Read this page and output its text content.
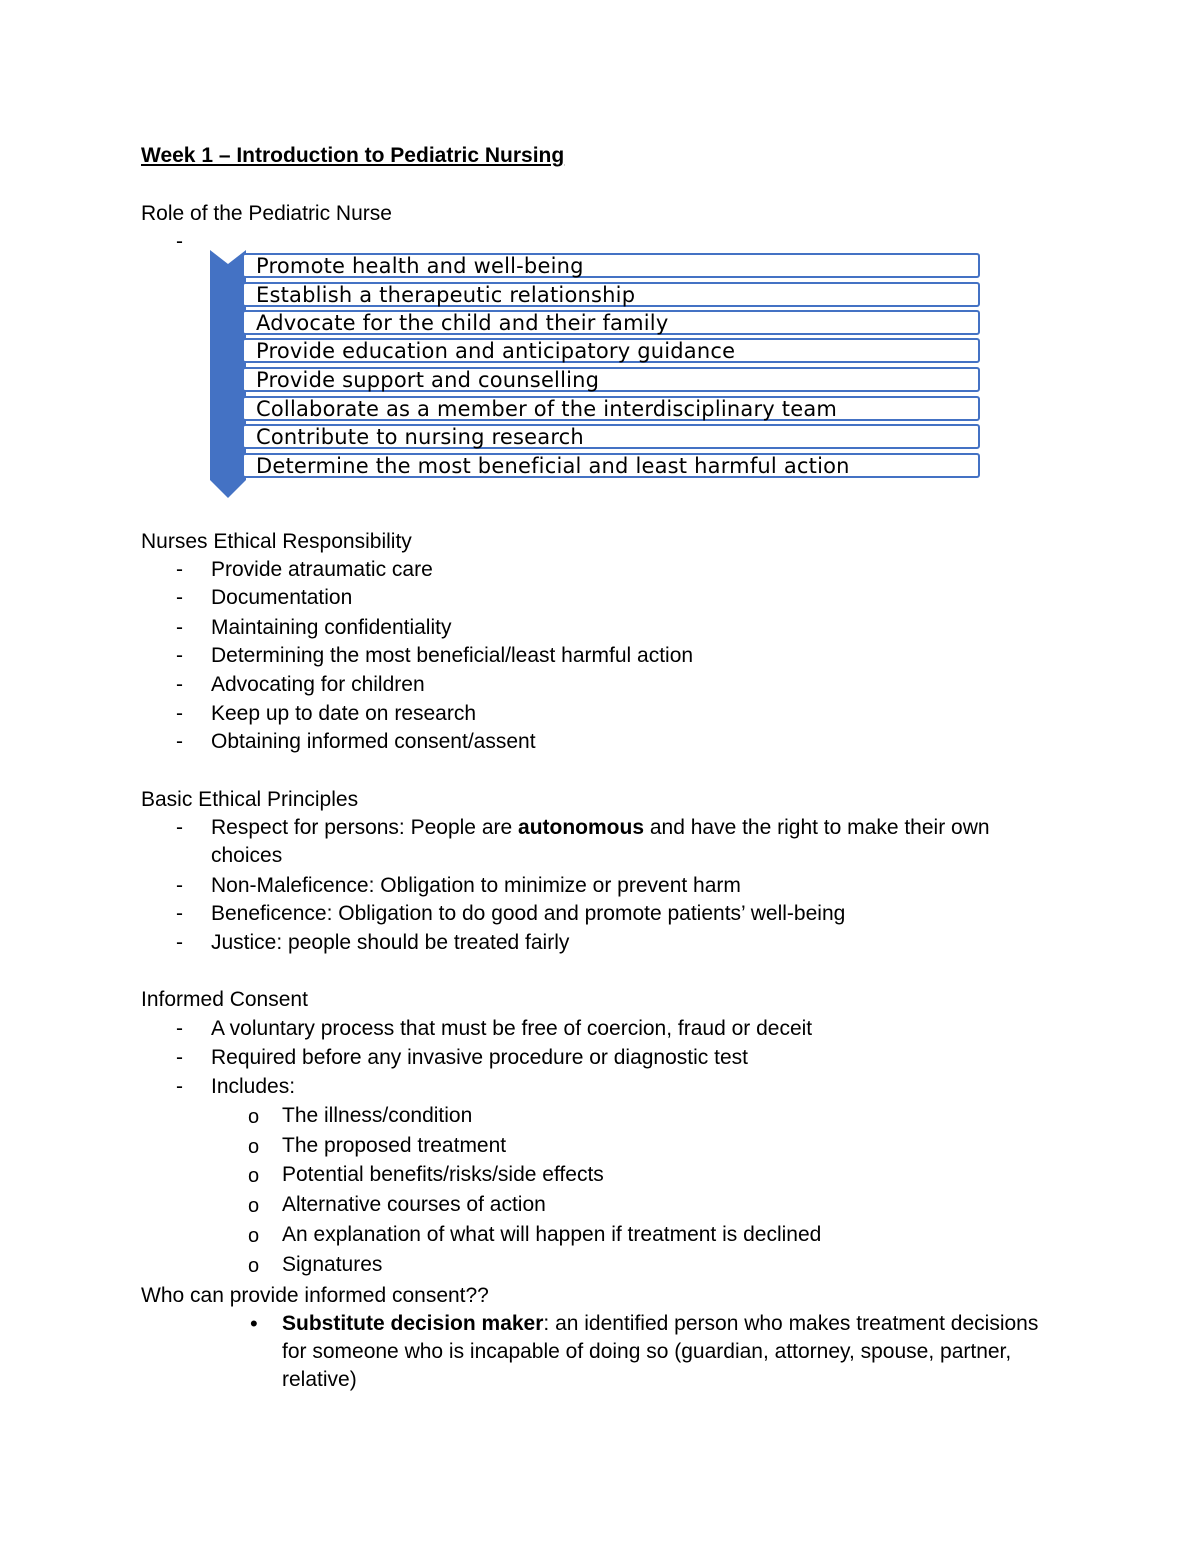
Week 1 – Introduction to Pediatric Nursing
Role of the Pediatric Nurse
-
Promote health and well-being
Establish a therapeutic relationship
Advocate for the child and their family
Provide education and anticipatory guidance
Provide support and counselling
Collaborate as a member of the interdisciplinary team
Contribute to nursing research
Determine the most beneficial and least harmful action
Nurses Ethical Responsibility
- Provide atraumatic care
- Documentation
- Maintaining confidentiality
- Determining the most beneficial/least harmful action
- Advocating for children
- Keep up to date on research
- Obtaining informed consent/assent
Basic Ethical Principles
- Respect for persons: People are autonomous and have the right to make their own choices
- Non-Maleficence: Obligation to minimize or prevent harm
- Beneficence: Obligation to do good and promote patients’ well-being
- Justice: people should be treated fairly
Informed Consent
- A voluntary process that must be free of coercion, fraud or deceit
- Required before any invasive procedure or diagnostic test
- Includes:
o The illness/condition
o The proposed treatment
o Potential benefits/risks/side effects
o Alternative courses of action
o An explanation of what will happen if treatment is declined
o Signatures
Who can provide informed consent??
• Substitute decision maker: an identified person who makes treatment decisions for someone who is incapable of doing so (guardian, attorney, spouse, partner, relative)
